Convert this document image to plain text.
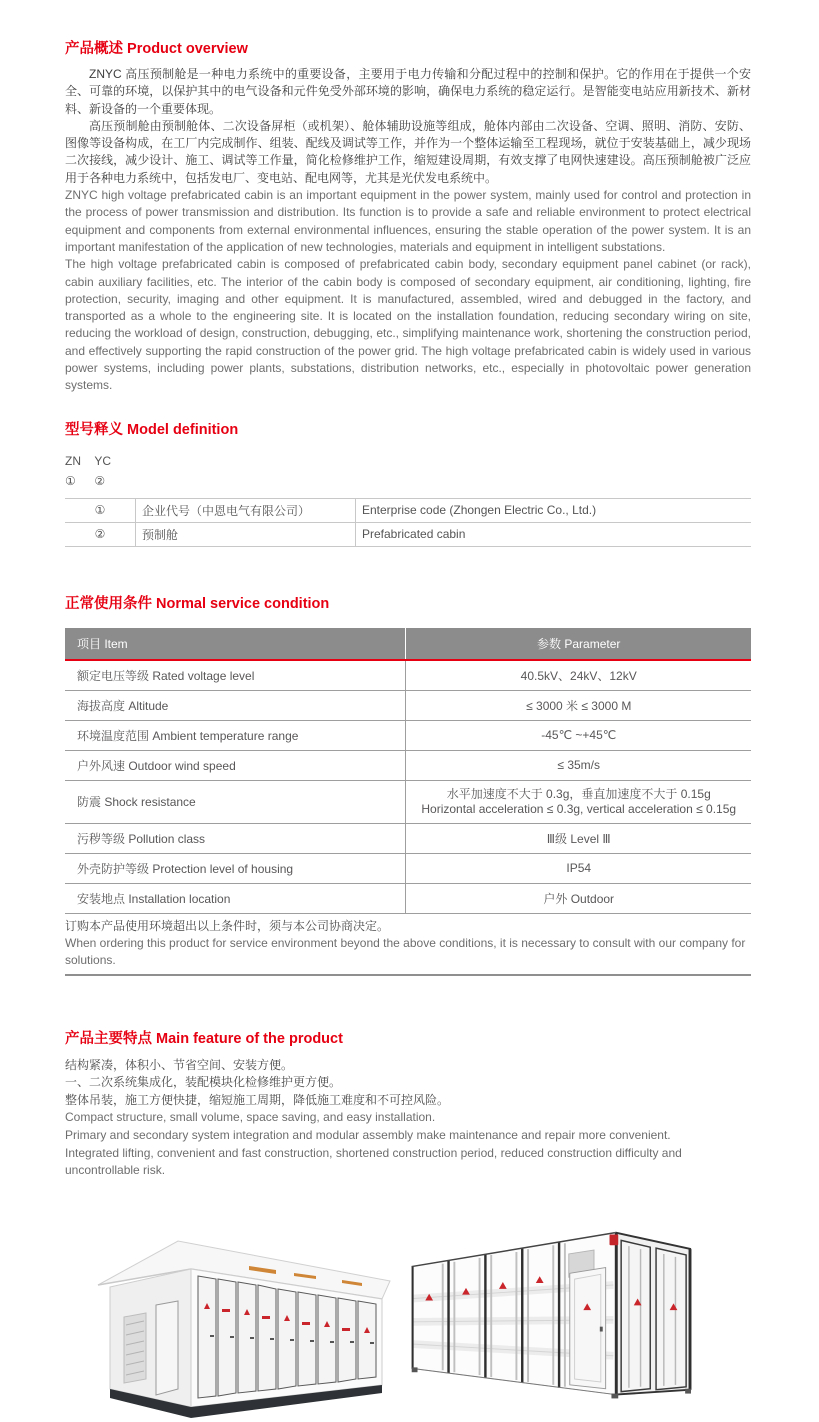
产品概述 Product overview

ZNYC 高压预制舱是一种电力系统中的重要设备，主要用于电力传输和分配过程中的控制和保护。它的作用在于提供一个安全、可靠的环境，以保护其中的电气设备和元件免受外部环境的影响，确保电力系统的稳定运行。是智能变电站应用新技术、新材料、新设备的一个重要体现。

高压预制舱由预制舱体、二次设备屏柜（或机架）、舱体辅助设施等组成，舱体内部由二次设备、空调、照明、消防、安防、图像等设备构成，在工厂内完成制作、组装、配线及调试等工作，并作为一个整体运输至工程现场，就位于安装基础上，减少现场二次接线，减少设计、施工、调试等工作量，简化检修维护工作，缩短建设周期，有效支撑了电网快速建设。高压预制舱被广泛应用于各种电力系统中，包括发电厂、变电站、配电网等，尤其是光伏发电系统中。

ZNYC high voltage prefabricated cabin is an important equipment in the power system, mainly used for control and protection in the process of power transmission and distribution. Its function is to provide a safe and reliable environment to protect electrical equipment and components from external environmental influences, ensuring the stable operation of the power system. It is an important manifestation of the application of new technologies, materials and equipment in intelligent substations.

The high voltage prefabricated cabin is composed of prefabricated cabin body, secondary equipment panel cabinet (or rack), cabin auxiliary facilities, etc. The interior of the cabin body is composed of secondary equipment, air conditioning, lighting, fire protection, security, imaging and other equipment. It is manufactured, assembled, wired and debugged in the factory, and transported as a whole to the engineering site. It is located on the installation foundation, reducing secondary wiring on site, reducing the workload of design, construction, debugging, etc., simplifying maintenance work, shortening the construction period, and effectively supporting the rapid construction of the power grid. The high voltage prefabricated cabin is widely used in various power systems, including power plants, substations, distribution networks, etc., especially in photovoltaic power generation systems.

型号释义 Model definition
ZN YC
① ②
①	企业代号（中恩电气有限公司）	Enterprise code (Zhongen Electric Co., Ltd.)
②	预制舱	Prefabricated cabin
正常使用条件 Normal service condition
项目 Item	参数 Parameter
额定电压等级 Rated voltage level	40.5kV、24kV、12kV
海拔高度 Altitude	≤ 3000 米 ≤ 3000 M
环境温度范围 Ambient temperature range	-45℃ ~+45℃
户外风速 Outdoor wind speed	≤ 35m/s
防震 Shock resistance	水平加速度不大于 0.3g，垂直加速度不大于 0.15g
Horizontal acceleration ≤ 0.3g, vertical acceleration ≤ 0.15g

污秽等级 Pollution class	Ⅲ级 Level Ⅲ
外壳防护等级 Protection level of housing	IP54
安装地点 Installation location	户外 Outdoor

订购本产品使用环境超出以上条件时，须与本公司协商决定。
When ordering this product for service environment beyond the above conditions, it is necessary to consult with our company for solutions.	
产品主要特点 Main feature of the product
结构紧凑，体积小、节省空间、安装方便。
一、二次系统集成化，装配模块化检修维护更方便。
整体吊装，施工方便快捷，缩短施工周期，降低施工难度和不可控风险。
Compact structure, small volume, space saving, and easy installation.
Primary and secondary system integration and modular assembly make maintenance and repair more convenient.
Integrated lifting, convenient and fast construction, shortened construction period, reduced construction difficulty and uncontrollable risk.
